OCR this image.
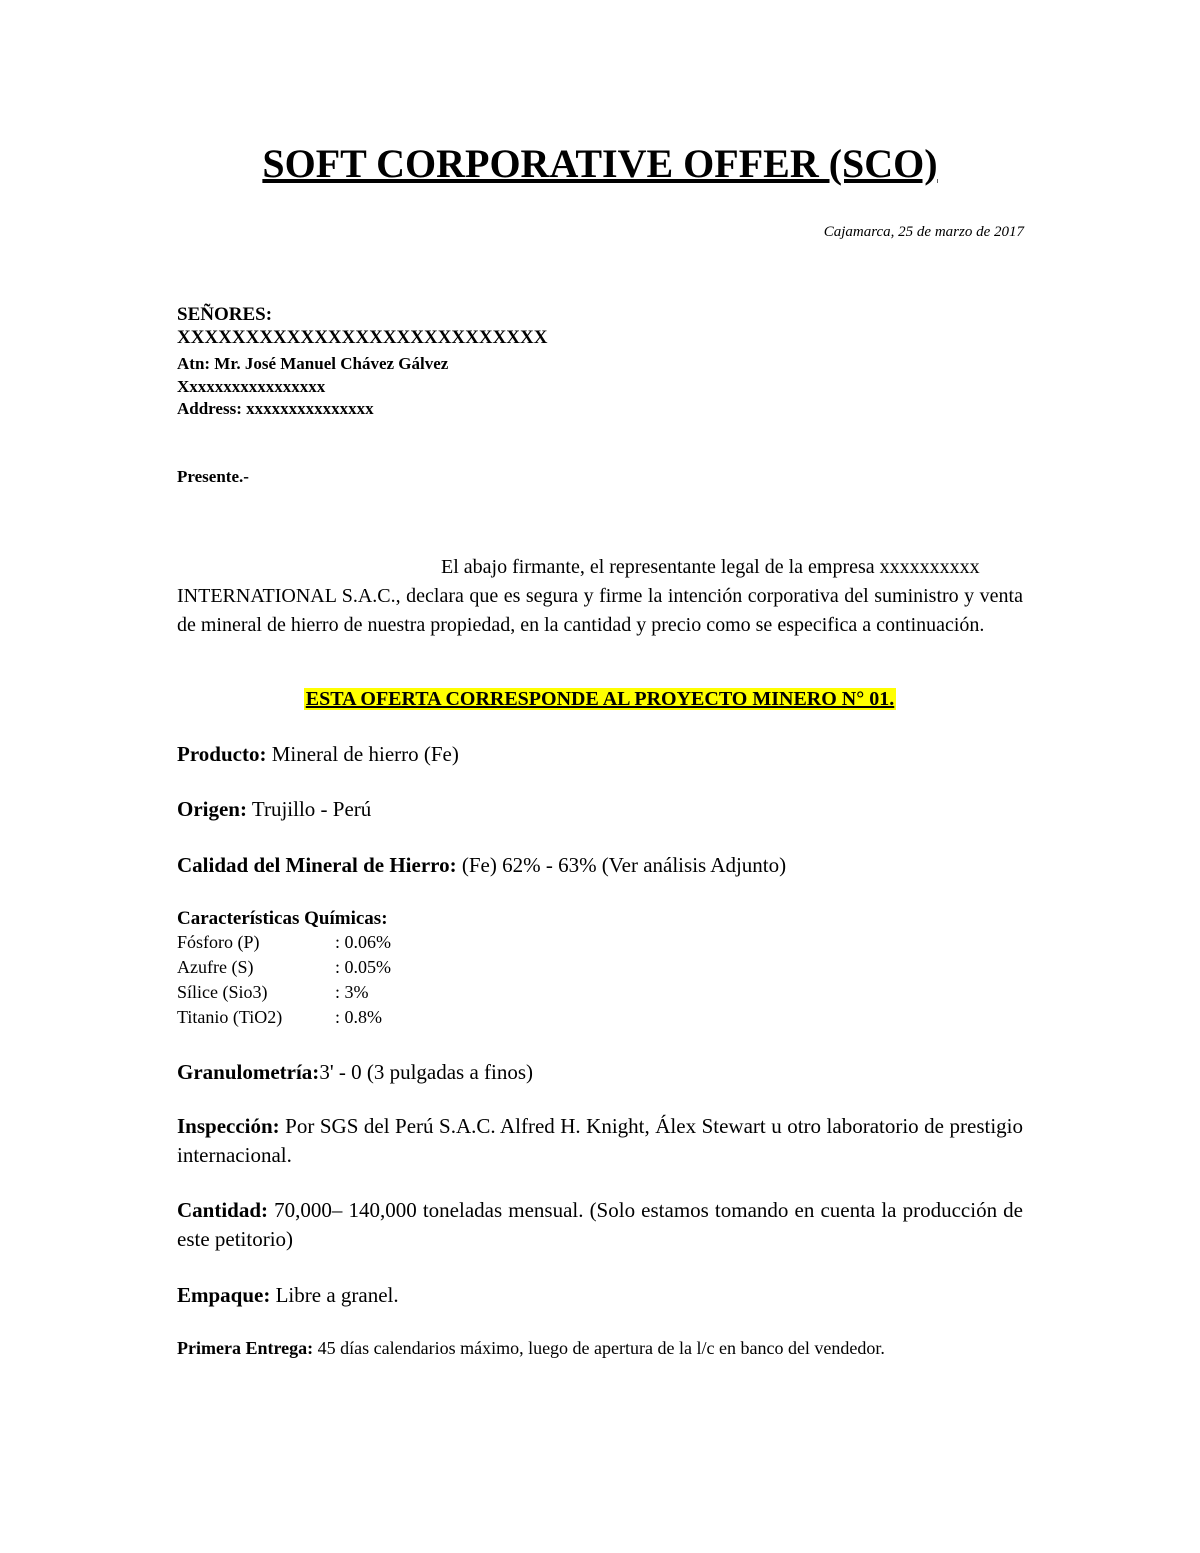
SOFT CORPORATIVE OFFER (SCO)
Cajamarca, 25 de marzo de 2017
SEÑORES:
XXXXXXXXXXXXXXXXXXXXXXXXXXX
Atn: Mr. José Manuel Chávez Gálvez
Xxxxxxxxxxxxxxxxx
Address: xxxxxxxxxxxxxxx
Presente.-
El abajo firmante, el representante legal de la empresa xxxxxxxxxx
INTERNATIONAL S.A.C., declara que es segura y firme la intención corporativa del suministro y venta de mineral de hierro de nuestra propiedad, en la cantidad y precio como se especifica a continuación.
ESTA OFERTA CORRESPONDE AL PROYECTO MINERO N° 01.
Producto: Mineral de hierro (Fe)
Origen: Trujillo - Perú
Calidad del Mineral de Hierro: (Fe) 62% - 63% (Ver análisis Adjunto)
Características Químicas:
Fósforo (P)	: 0.06%
Azufre (S)	: 0.05%
Sílice (Sio3)	: 3%
Titanio (TiO2)	: 0.8%
Granulometría:3' - 0 (3 pulgadas a finos)
Inspección: Por SGS del Perú S.A.C. Alfred H. Knight, Álex Stewart u otro laboratorio de prestigio internacional.
Cantidad: 70,000– 140,000 toneladas mensual. (Solo estamos tomando en cuenta la producción de este petitorio)
Empaque: Libre a granel.
Primera Entrega: 45 días calendarios máximo, luego de apertura de la l/c en banco del vendedor.
